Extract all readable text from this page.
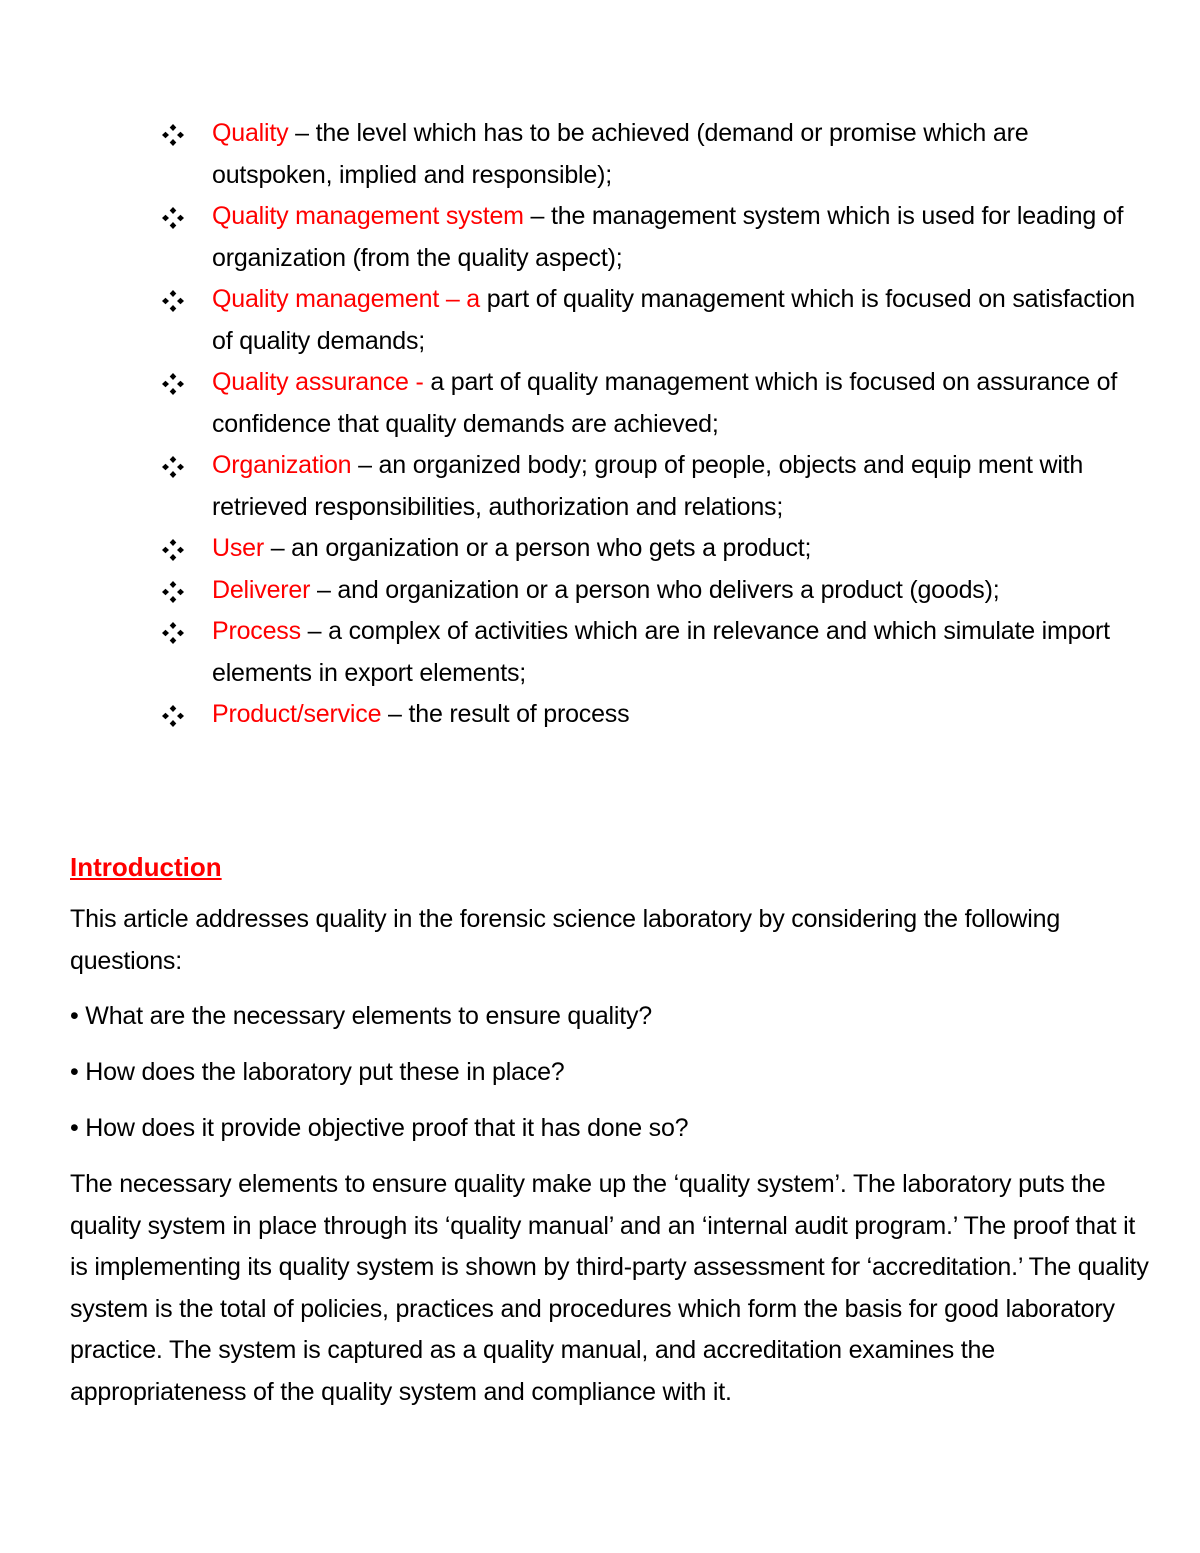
Quality – the level which has to be achieved (demand or promise which are outspoken, implied and responsible);
Quality management system – the management system which is used for leading of organization (from the quality aspect);
Quality management – a part of quality management which is focused on satisfaction of quality demands;
Quality assurance - a part of quality management which is focused on assurance of confidence that quality demands are achieved;
Organization – an organized body; group of people, objects and equip ment with retrieved responsibilities, authorization and relations;
User – an organization or a person who gets a product;
Deliverer – and organization or a person who delivers a product (goods);
Process – a complex of activities which are in relevance and which simulate import elements in export elements;
Product/service – the result of process
Introduction

This article addresses quality in the forensic science laboratory by considering the following questions:

• What are the necessary elements to ensure quality?

• How does the laboratory put these in place?

• How does it provide objective proof that it has done so?

The necessary elements to ensure quality make up the ‘quality system’. The laboratory puts the quality system in place through its ‘quality manual’ and an ‘internal audit program.’ The proof that it is implementing its quality system is shown by third-party assessment for ‘accreditation.’ The quality system is the total of policies, practices and procedures which form the basis for good laboratory practice. The system is captured as a quality manual, and accreditation examines the appropriateness of the quality system and compliance with it.
